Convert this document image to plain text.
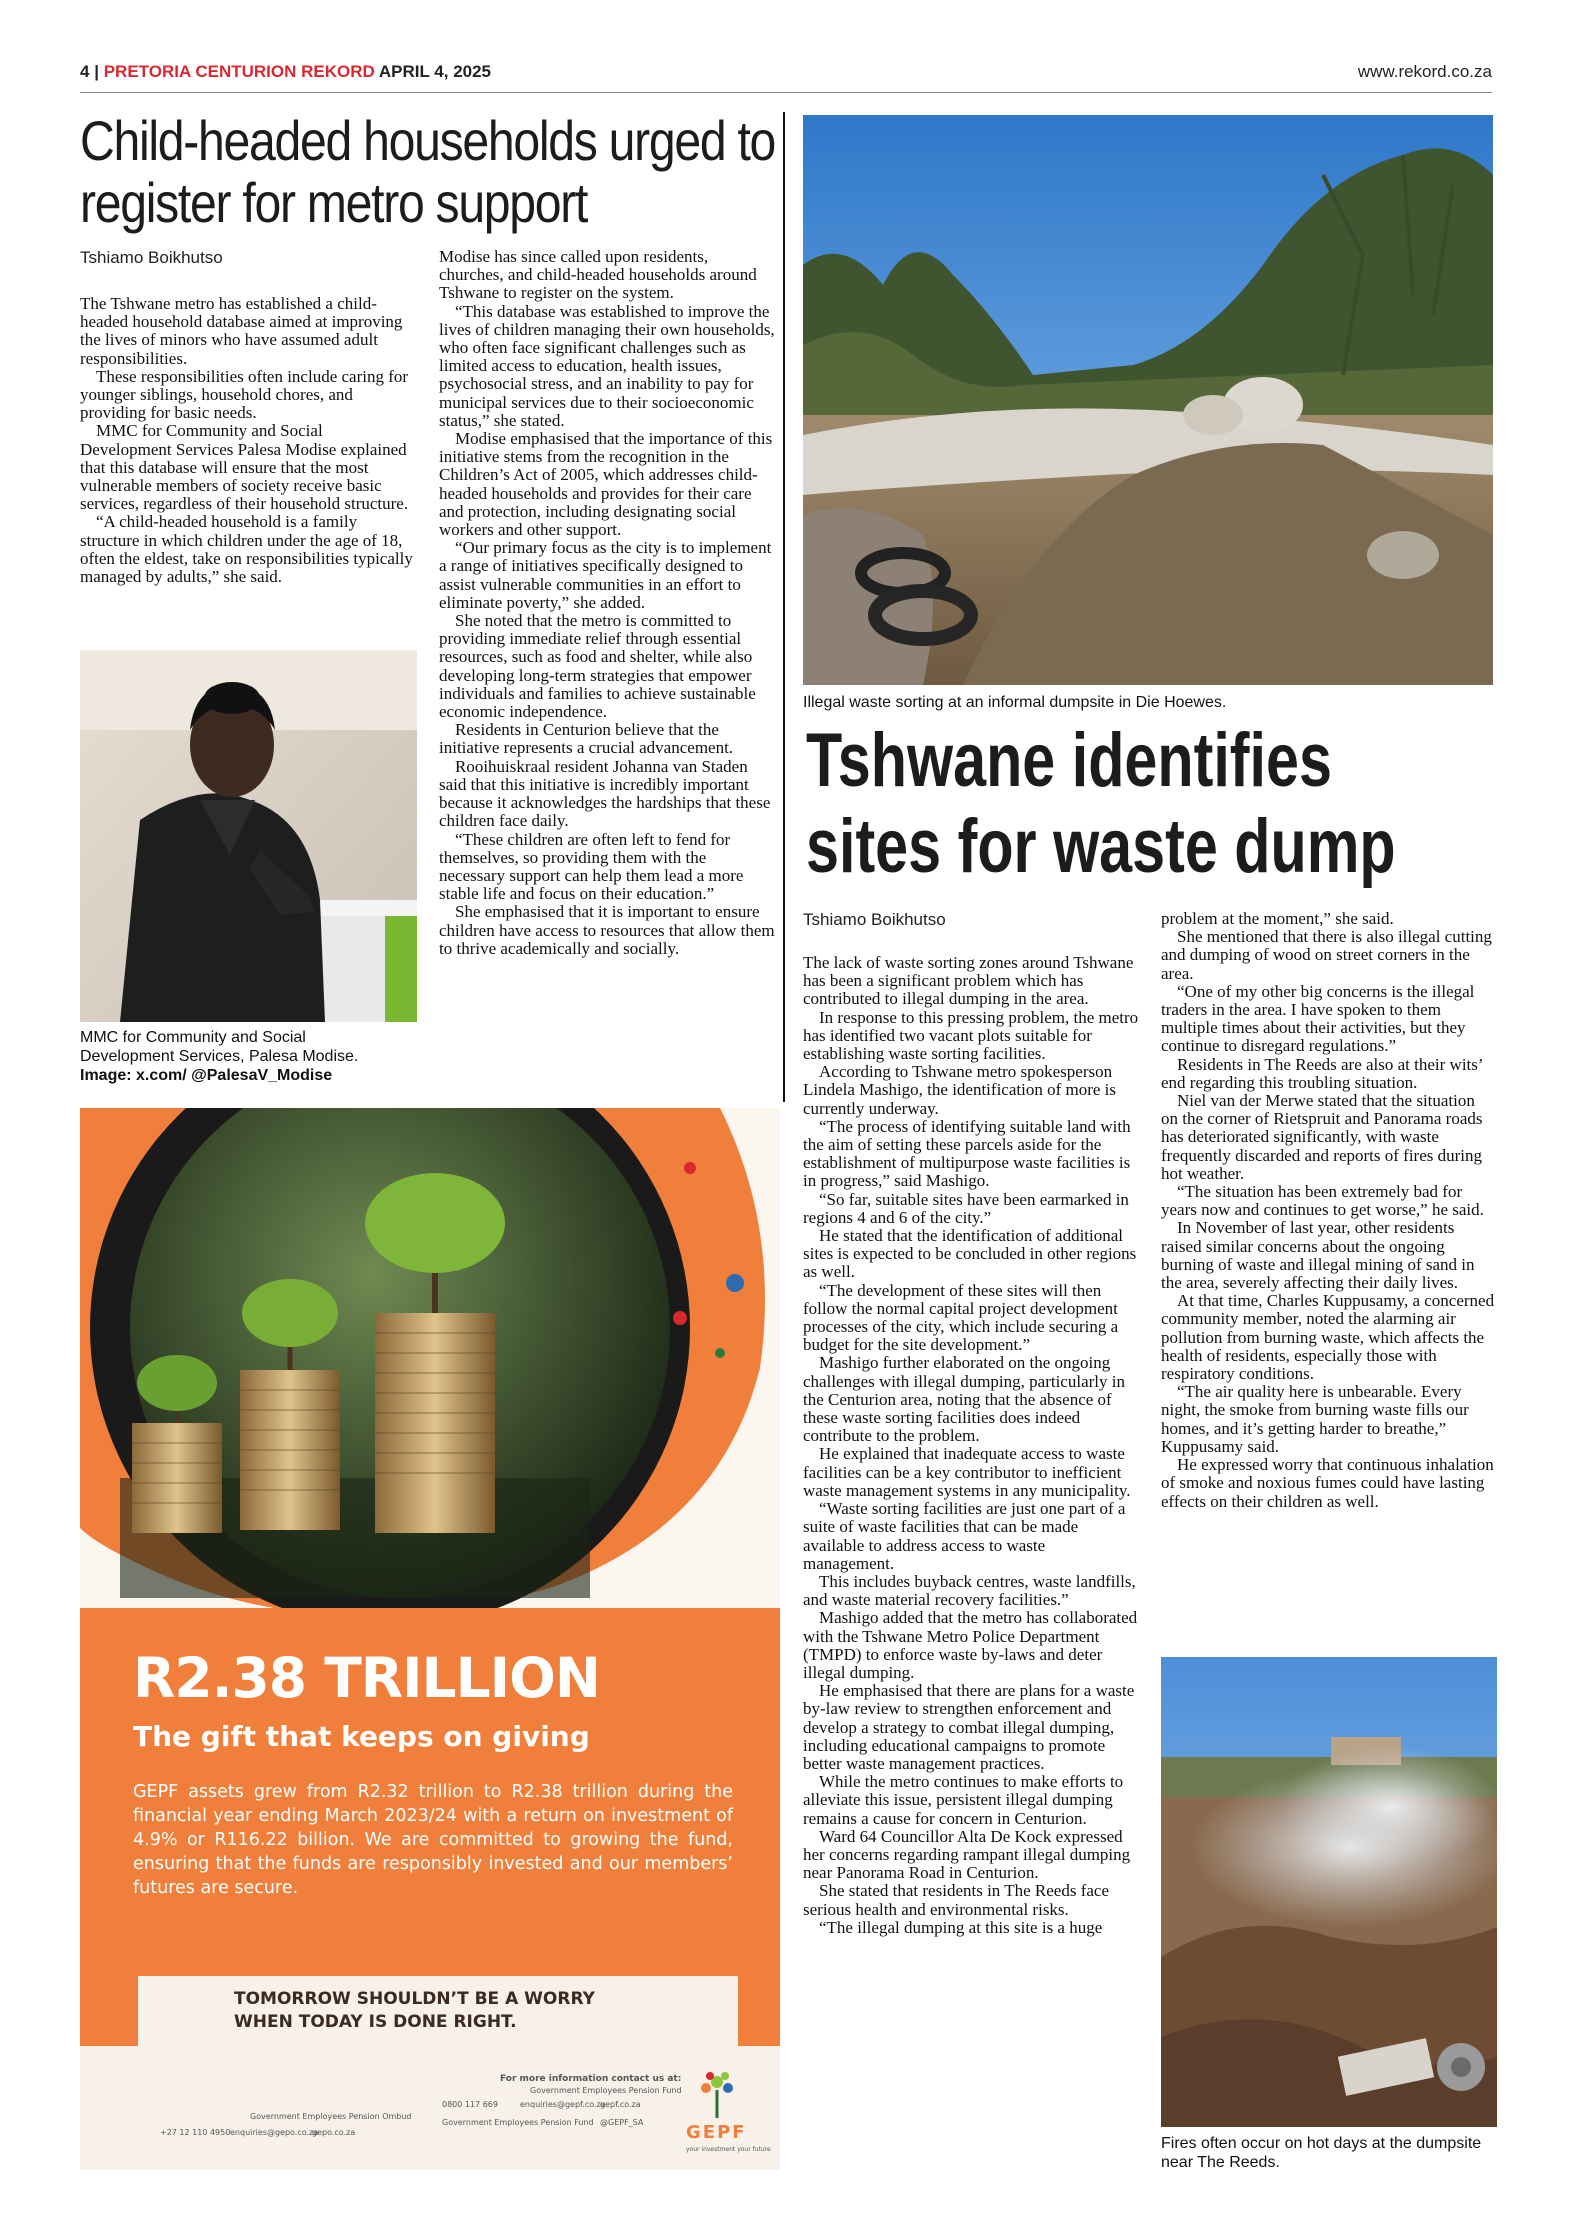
4 | PRETORIA CENTURION REKORD APRIL 4, 2025	www.rekord.co.za
Child-headed households urged to register for metro support
Tshiamo Boikhutso

The Tshwane metro has established a child-headed household database aimed at improving the lives of minors who have assumed adult responsibilities.

These responsibilities often include caring for younger siblings, household chores, and providing for basic needs.

MMC for Community and Social Development Services Palesa Modise explained that this database will ensure that the most vulnerable members of society receive basic services, regardless of their household structure.

“A child-headed household is a family structure in which children under the age of 18, often the eldest, take on responsibilities typically managed by adults,” she said.

MMC for Community and Social
Development Services, Palesa Modise.
Image: x.com/ @PalesaV_Modise

Modise has since called upon residents, churches, and child-headed households around Tshwane to register on the system.

“This database was established to improve the lives of children managing their own households, who often face significant challenges such as limited access to education, health issues, psychosocial stress, and an inability to pay for municipal services due to their socioeconomic status,” she stated.

Modise emphasised that the importance of this initiative stems from the recognition in the Children’s Act of 2005, which addresses child-headed households and provides for their care and protection, including designating social workers and other support.

“Our primary focus as the city is to implement a range of initiatives specifically designed to assist vulnerable communities in an effort to eliminate poverty,” she added.

She noted that the metro is committed to providing immediate relief through essential resources, such as food and shelter, while also developing long-term strategies that empower individuals and families to achieve sustainable economic independence.

Residents in Centurion believe that the initiative represents a crucial advancement.

Rooihuiskraal resident Johanna van Staden said that this initiative is incredibly important because it acknowledges the hardships that these children face daily.

“These children are often left to fend for themselves, so providing them with the necessary support can help them lead a more stable life and focus on their education.”

She emphasised that it is important to ensure children have access to resources that allow them to thrive academically and socially.

Illegal waste sorting at an informal dumpsite in Die Hoewes.
Tshwane identifies
sites for waste dump
Tshiamo Boikhutso

The lack of waste sorting zones around Tshwane has been a significant problem which has contributed to illegal dumping in the area.

In response to this pressing problem, the metro has identified two vacant plots suitable for establishing waste sorting facilities.

According to Tshwane metro spokesperson Lindela Mashigo, the identification of more is currently underway.

“The process of identifying suitable land with the aim of setting these parcels aside for the establishment of multipurpose waste facilities is in progress,” said Mashigo.

“So far, suitable sites have been earmarked in regions 4 and 6 of the city.”

He stated that the identification of additional sites is expected to be concluded in other regions as well.

“The development of these sites will then follow the normal capital project development processes of the city, which include securing a budget for the site development.”

Mashigo further elaborated on the ongoing challenges with illegal dumping, particularly in the Centurion area, noting that the absence of these waste sorting facilities does indeed contribute to the problem.

He explained that inadequate access to waste facilities can be a key contributor to inefficient waste management systems in any municipality.

“Waste sorting facilities are just one part of a suite of waste facilities that can be made available to address access to waste management.

This includes buyback centres, waste landfills, and waste material recovery facilities.”

Mashigo added that the metro has collaborated with the Tshwane Metro Police Department (TMPD) to enforce waste by-laws and deter illegal dumping.

He emphasised that there are plans for a waste by-law review to strengthen enforcement and develop a strategy to combat illegal dumping, including educational campaigns to promote better waste management practices.

While the metro continues to make efforts to alleviate this issue, persistent illegal dumping remains a cause for concern in Centurion.

Ward 64 Councillor Alta De Kock expressed her concerns regarding rampant illegal dumping near Panorama Road in Centurion.

She stated that residents in The Reeds face serious health and environmental risks.

“The illegal dumping at this site is a huge

problem at the moment,” she said.

She mentioned that there is also illegal cutting and dumping of wood on street corners in the area.

“One of my other big concerns is the illegal traders in the area. I have spoken to them multiple times about their activities, but they continue to disregard regulations.”

Residents in The Reeds are also at their wits’ end regarding this troubling situation.

Niel van der Merwe stated that the situation on the corner of Rietspruit and Panorama roads has deteriorated significantly, with waste frequently discarded and reports of fires during hot weather.

“The situation has been extremely bad for years now and continues to get worse,” he said.

In November of last year, other residents raised similar concerns about the ongoing burning of waste and illegal mining of sand in the area, severely affecting their daily lives.

At that time, Charles Kuppusamy, a concerned community member, noted the alarming air pollution from burning waste, which affects the health of residents, especially those with respiratory conditions.

“The air quality here is unbearable. Every night, the smoke from burning waste fills our homes, and it’s getting harder to breathe,” Kuppusamy said.

He expressed worry that continuous inhalation of smoke and noxious fumes could have lasting effects on their children as well.

Fires often occur on hot days at the dumpsite near The Reeds.
R2.38 TRILLION
The gift that keeps on giving
GEPF assets grew from R2.32 trillion to R2.38 trillion during the financial year ending March 2023/24 with a return on investment of 4.9% or R116.22 billion. We are committed to growing the fund, ensuring that the funds are responsibly invested and our members’ futures are secure.
TOMORROW SHOULDN’T BE A WORRY
WHEN TODAY IS DONE RIGHT.
For more information contact us at:
Government Employees Pension Fund
Government Employees Pension Ombud
+27 12 110 4950 enquiries@gepo.co.za
gepo.co.za
0800 117 669	enquiries@gepf.co.za
gepf.co.za
Government Employees Pension Fund @GEPF_SA GEPF
your investment your future
